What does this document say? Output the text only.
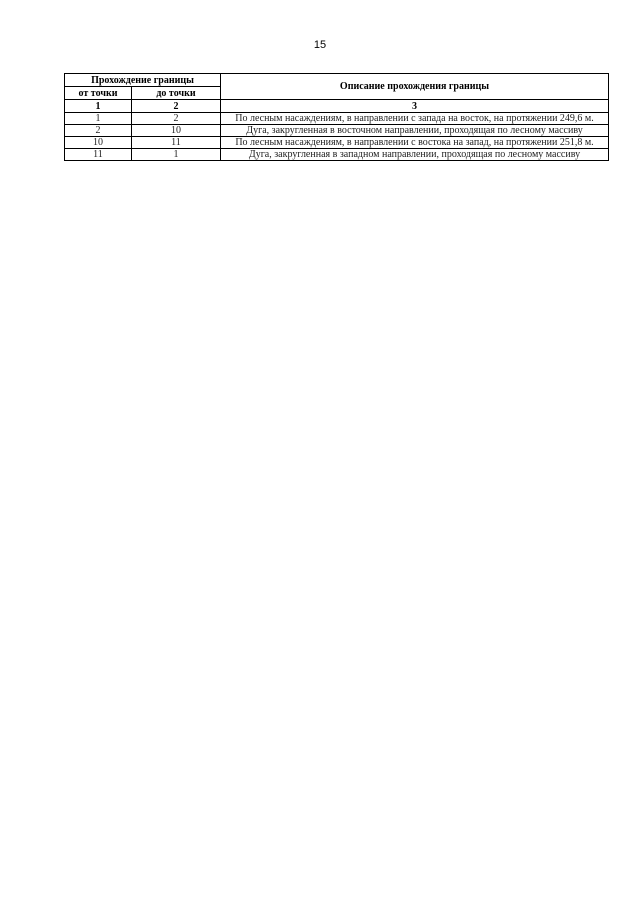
15
Прохождение границы		Описание прохождения границы
от точки	до точки	
1	2	3
1	2	По лесным насаждениям, в направлении с запада на восток, на протяжении 249,6 м.
2	10	Дуга, закругленная в восточном направлении, проходящая по лесному массиву
10	11	По лесным насаждениям, в направлении с востока на запад, на протяжении 251,8 м.
11	1	Дуга, закругленная в западном направлении, проходящая по лесному массиву
